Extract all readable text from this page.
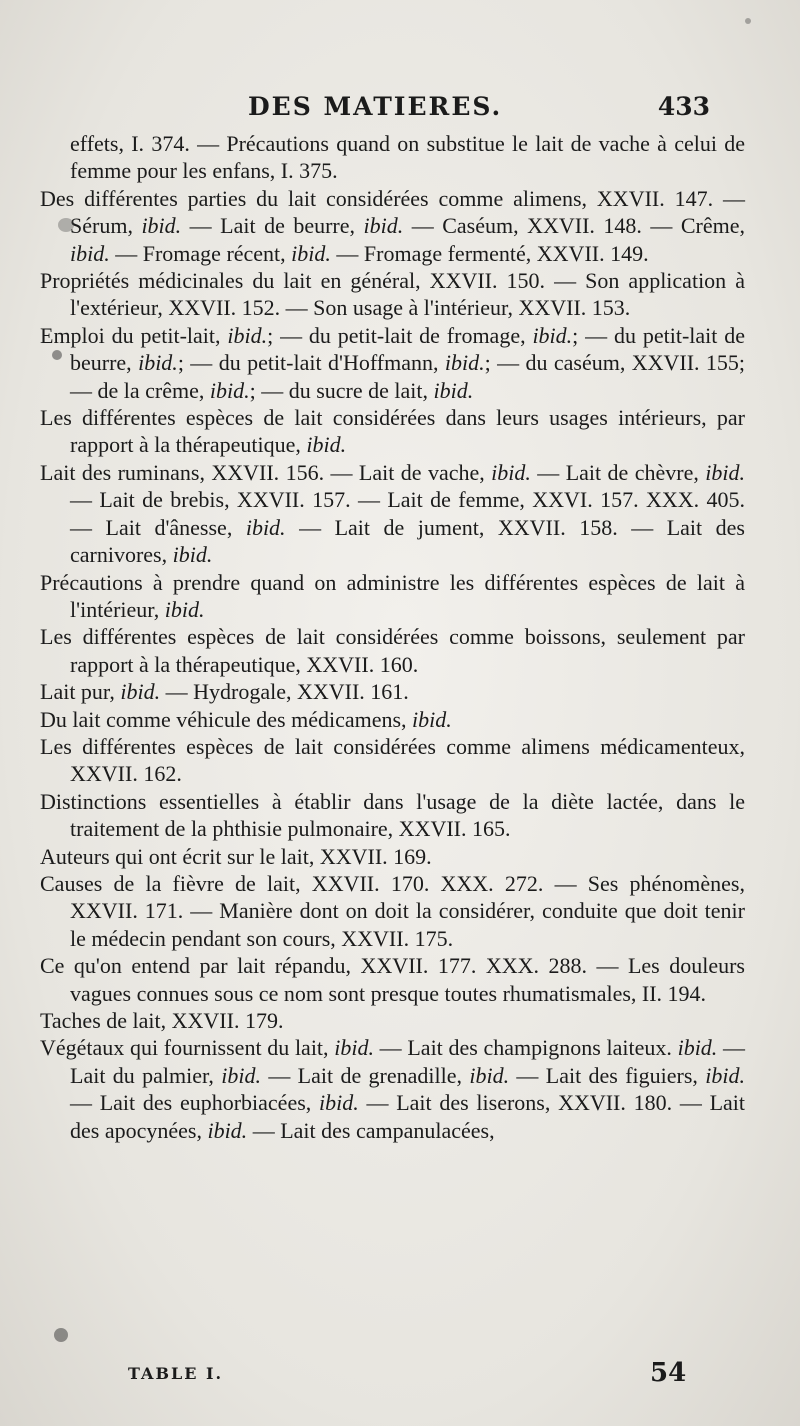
DES MATIERES.	433

effets, I. 374. — Précautions quand on substitue le lait de vache à celui de femme pour les enfans, I. 375.

Des différentes parties du lait considérées comme alimens, XXVII. 147. — Sérum, ibid. — Lait de beurre, ibid. — Caséum, XXVII. 148. — Crême, ibid. — Fromage récent, ibid. — Fromage fermenté, XXVII. 149.

Propriétés médicinales du lait en général, XXVII. 150. — Son application à l'extérieur, XXVII. 152. — Son usage à l'intérieur, XXVII. 153.

Emploi du petit-lait, ibid.; — du petit-lait de fromage, ibid.; — du petit-lait de beurre, ibid.; — du petit-lait d'Hoffmann, ibid.; — du caséum, XXVII. 155; — de la crême, ibid.; — du sucre de lait, ibid.

Les différentes espèces de lait considérées dans leurs usages intérieurs, par rapport à la thérapeutique, ibid.

Lait des ruminans, XXVII. 156. — Lait de vache, ibid. — Lait de chèvre, ibid. — Lait de brebis, XXVII. 157. — Lait de femme, XXVI. 157. XXX. 405. — Lait d'ânesse, ibid. — Lait de jument, XXVII. 158. — Lait des carnivores, ibid.

Précautions à prendre quand on administre les différentes espèces de lait à l'intérieur, ibid.

Les différentes espèces de lait considérées comme boissons, seulement par rapport à la thérapeutique, XXVII. 160.

Lait pur, ibid. — Hydrogale, XXVII. 161.

Du lait comme véhicule des médicamens, ibid.

Les différentes espèces de lait considérées comme alimens médicamenteux, XXVII. 162.

Distinctions essentielles à établir dans l'usage de la diète lactée, dans le traitement de la phthisie pulmonaire, XXVII. 165.

Auteurs qui ont écrit sur le lait, XXVII. 169.

Causes de la fièvre de lait, XXVII. 170. XXX. 272. — Ses phénomènes, XXVII. 171. — Manière dont on doit la considérer, conduite que doit tenir le médecin pendant son cours, XXVII. 175.

Ce qu'on entend par lait répandu, XXVII. 177. XXX. 288. — Les douleurs vagues connues sous ce nom sont presque toutes rhumatismales, II. 194.

Taches de lait, XXVII. 179.

Végétaux qui fournissent du lait, ibid. — Lait des champignons laiteux. ibid. — Lait du palmier, ibid. — Lait de grenadille, ibid. — Lait des figuiers, ibid. — Lait des euphorbiacées, ibid. — Lait des liserons, XXVII. 180. — Lait des apocynées, ibid. — Lait des campanulacées,

TABLE I.	54
